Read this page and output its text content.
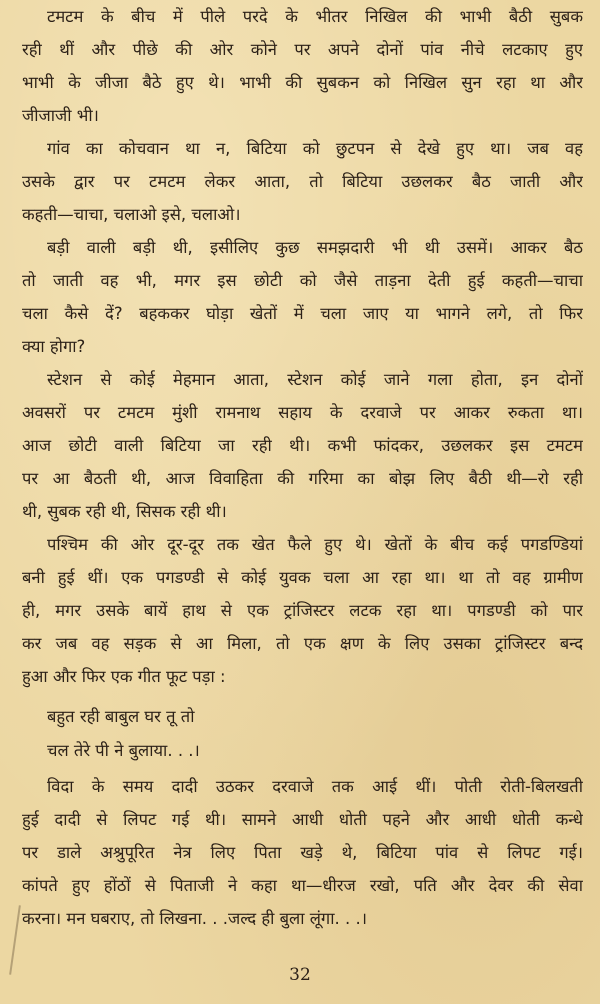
टमटम के बीच में पीले परदे के भीतर निखिल की भाभी बैठी सुबक
रही थीं और पीछे की ओर कोने पर अपने दोनों पांव नीचे लटकाए हुए
भाभी के जीजा बैठे हुए थे। भाभी की सुबकन को निखिल सुन रहा था और
जीजाजी भी।
गांव का कोचवान था न, बिटिया को छुटपन से देखे हुए था। जब वह
उसके द्वार पर टमटम लेकर आता, तो बिटिया उछलकर बैठ जाती और
कहती—चाचा, चलाओ इसे, चलाओ।
बड़ी वाली बड़ी थी, इसीलिए कुछ समझदारी भी थी उसमें। आकर बैठ
तो जाती वह भी, मगर इस छोटी को जैसे ताड़ना देती हुई कहती—चाचा
चला कैसे दें? बहककर घोड़ा खेतों में चला जाए या भागने लगे, तो फिर
क्या होगा?
स्टेशन से कोई मेहमान आता, स्टेशन कोई जाने गला होता, इन दोनों
अवसरों पर टमटम मुंशी रामनाथ सहाय के दरवाजे पर आकर रुकता था।
आज छोटी वाली बिटिया जा रही थी। कभी फांदकर, उछलकर इस टमटम
पर आ बैठती थी, आज विवाहिता की गरिमा का बोझ लिए बैठी थी—रो रही
थी, सुबक रही थी, सिसक रही थी।
पश्चिम की ओर दूर-दूर तक खेत फैले हुए थे। खेतों के बीच कई पगडण्डियां
बनी हुई थीं। एक पगडण्डी से कोई युवक चला आ रहा था। था तो वह ग्रामीण
ही, मगर उसके बायें हाथ से एक ट्रांजिस्टर लटक रहा था। पगडण्डी को पार
कर जब वह सड़क से आ मिला, तो एक क्षण के लिए उसका ट्रांजिस्टर बन्द
हुआ और फिर एक गीत फूट पड़ा :
बहुत रही बाबुल घर तू तो
चल तेरे पी ने बुलाया. . .।
विदा के समय दादी उठकर दरवाजे तक आई थीं। पोती रोती-बिलखती
हुई दादी से लिपट गई थी। सामने आधी धोती पहने और आधी धोती कन्धे
पर डाले अश्रुपूरित नेत्र लिए पिता खड़े थे, बिटिया पांव से लिपट गई।
कांपते हुए होंठों से पिताजी ने कहा था—धीरज रखो, पति और देवर की सेवा
करना। मन घबराए, तो लिखना. . .जल्द ही बुला लूंगा. . .।
32
